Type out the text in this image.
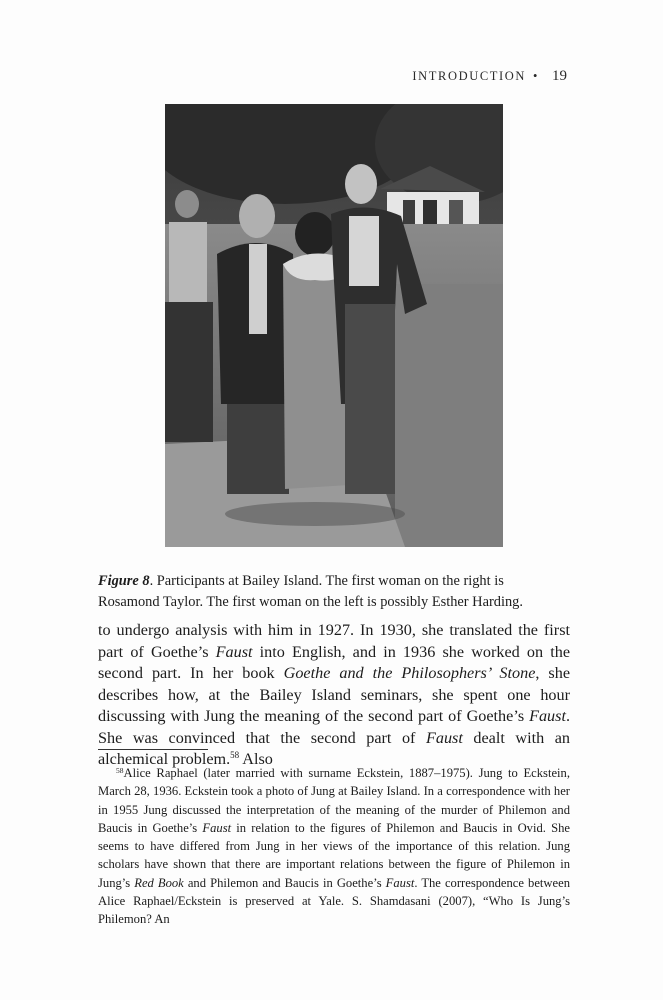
INTRODUCTION • 19

Figure 8. Participants at Bailey Island. The first woman on the right is Rosamond Taylor. The first woman on the left is possibly Esther Harding.

to undergo analysis with him in 1927. In 1930, she translated the first part of Goethe’s Faust into English, and in 1936 she worked on the second part. In her book Goethe and the Philosophers’ Stone, she describes how, at the Bailey Island seminars, she spent one hour discussing with Jung the meaning of the second part of Goethe’s Faust. She was convinced that the second part of Faust dealt with an alchemical problem.$^{58}$ Also

$^{58}$Alice Raphael (later married with surname Eckstein, 1887–1975). Jung to Eckstein, March 28, 1936. Eckstein took a photo of Jung at Bailey Island. In a correspondence with her in 1955 Jung discussed the interpretation of the meaning of the murder of Philemon and Baucis in Goethe’s Faust in relation to the figures of Philemon and Baucis in Ovid. She seems to have differed from Jung in her views of the importance of this relation. Jung scholars have shown that there are important relations between the figure of Philemon in Jung’s Red Book and Philemon and Baucis in Goethe’s Faust. The correspondence between Alice Raphael/Eckstein is preserved at Yale. S. Shamdasani (2007), “Who Is Jung’s Philemon? An
